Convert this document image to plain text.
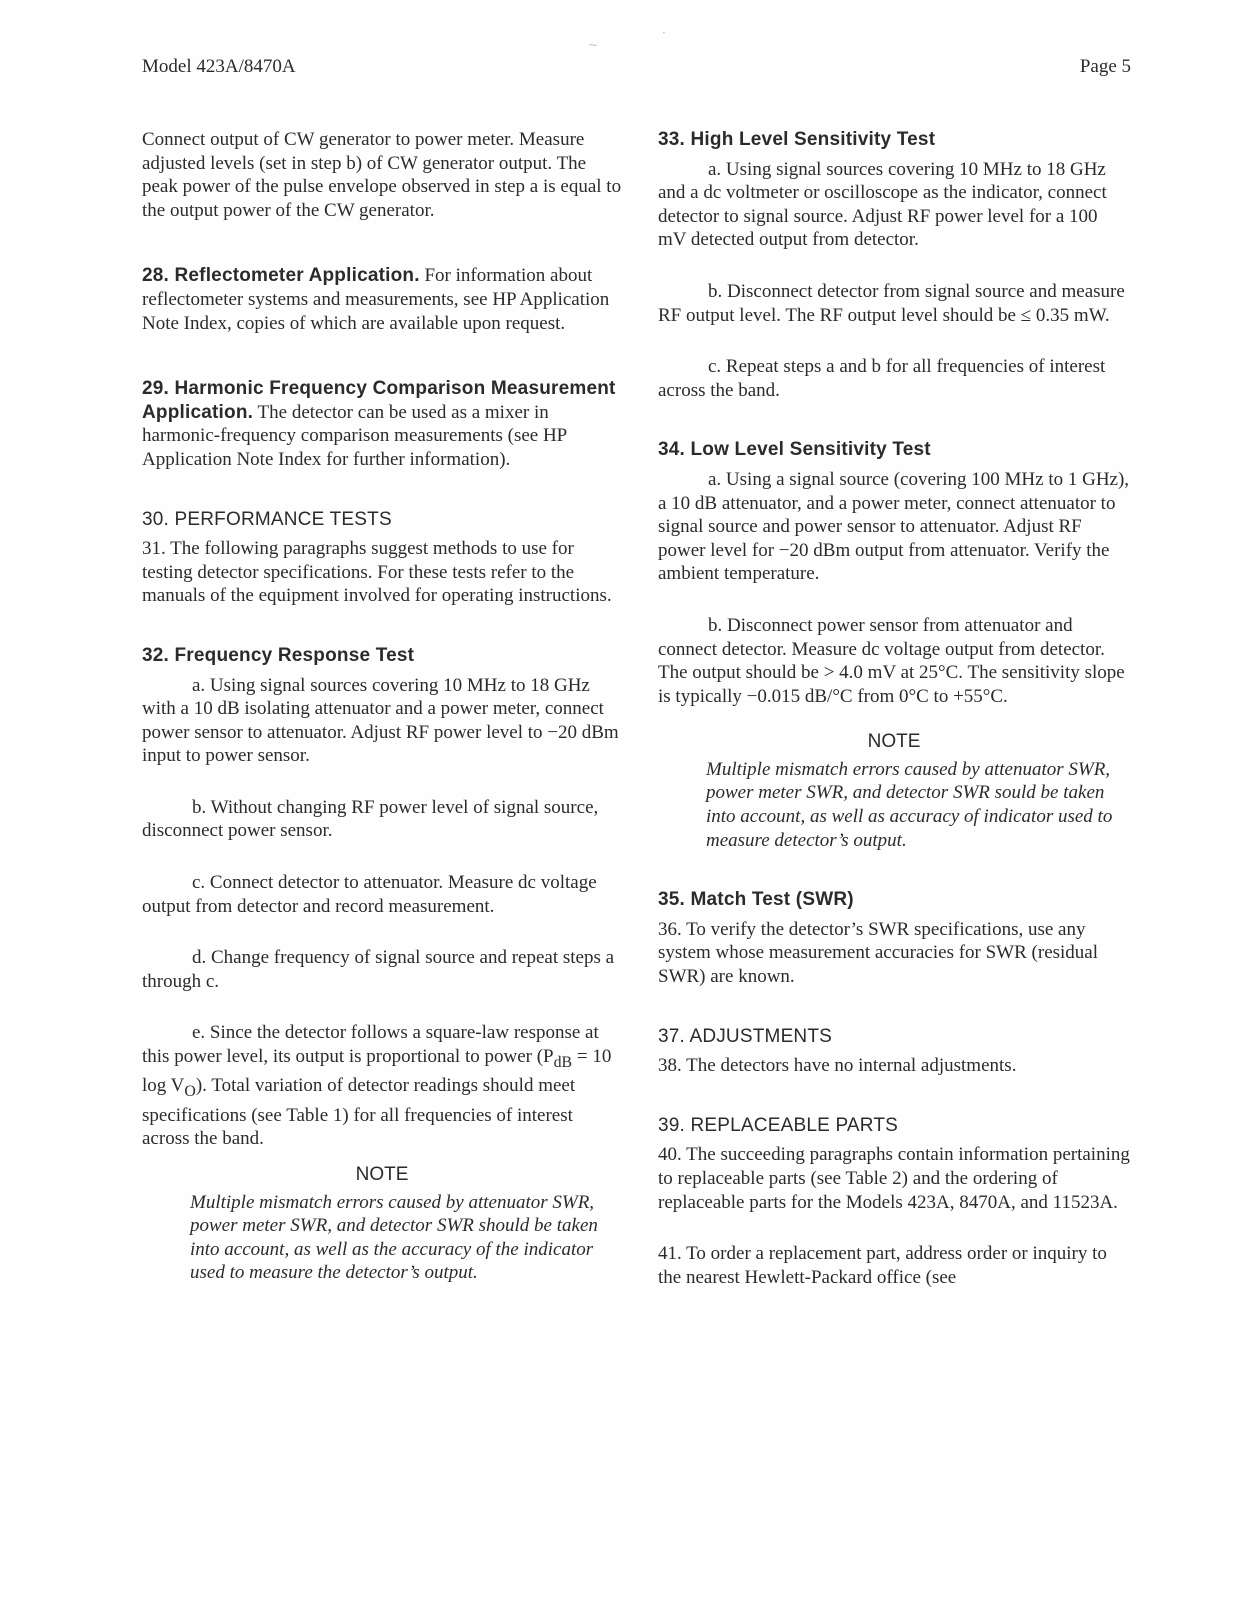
Model 423A/8470A	Page 5

Connect output of CW generator to power meter. Measure adjusted levels (set in step b) of CW generator output. The peak power of the pulse envelope observed in step a is equal to the output power of the CW generator.

28. Reflectometer Application. For information about reflectometer systems and measurements, see HP Application Note Index, copies of which are available upon request.

29. Harmonic Frequency Comparison Measurement Application. The detector can be used as a mixer in harmonic-frequency comparison measurements (see HP Application Note Index for further information).

30. PERFORMANCE TESTS

31. The following paragraphs suggest methods to use for testing detector specifications. For these tests refer to the manuals of the equipment involved for operating instructions.

32. Frequency Response Test

a. Using signal sources covering 10 MHz to 18 GHz with a 10 dB isolating attenuator and a power meter, connect power sensor to attenuator. Adjust RF power level to −20 dBm input to power sensor.

b. Without changing RF power level of signal source, disconnect power sensor.

c. Connect detector to attenuator. Measure dc voltage output from detector and record measurement.

d. Change frequency of signal source and repeat steps a through c.

e. Since the detector follows a square-law response at this power level, its output is proportional to power ($P_{dB} = 10$ $\log V_O$). Total variation of detector readings should meet specifications (see Table 1) for all frequencies of interest across the band.

NOTE

Multiple mismatch errors caused by attenuator SWR, power meter SWR, and detector SWR should be taken into account, as well as the accuracy of the indicator used to measure the detector’s output.

33. High Level Sensitivity Test

a. Using signal sources covering 10 MHz to 18 GHz and a dc voltmeter or oscilloscope as the indicator, connect detector to signal source. Adjust RF power level for a 100 mV detected output from detector.

b. Disconnect detector from signal source and measure RF output level. The RF output level should be ≤ 0.35 mW.

c. Repeat steps a and b for all frequencies of interest across the band.

34. Low Level Sensitivity Test

a. Using a signal source (covering 100 MHz to 1 GHz), a 10 dB attenuator, and a power meter, connect attenuator to signal source and power sensor to attenuator. Adjust RF power level for −20 dBm output from attenuator. Verify the ambient temperature.

b. Disconnect power sensor from attenuator and connect detector. Measure dc voltage output from detector. The output should be > 4.0 mV at 25°C. The sensitivity slope is typically −0.015 dB/°C from 0°C to +55°C.

NOTE

Multiple mismatch errors caused by attenuator SWR, power meter SWR, and detector SWR sould be taken into account, as well as accuracy of indicator used to measure detector’s output.

35. Match Test (SWR)

36. To verify the detector’s SWR specifications, use any system whose measurement accuracies for SWR (residual SWR) are known.

37. ADJUSTMENTS

38. The detectors have no internal adjustments.

39. REPLACEABLE PARTS

40. The succeeding paragraphs contain information pertaining to replaceable parts (see Table 2) and the ordering of replaceable parts for the Models 423A, 8470A, and 11523A.

41. To order a replacement part, address order or inquiry to the nearest Hewlett-Packard office (see

~
·
